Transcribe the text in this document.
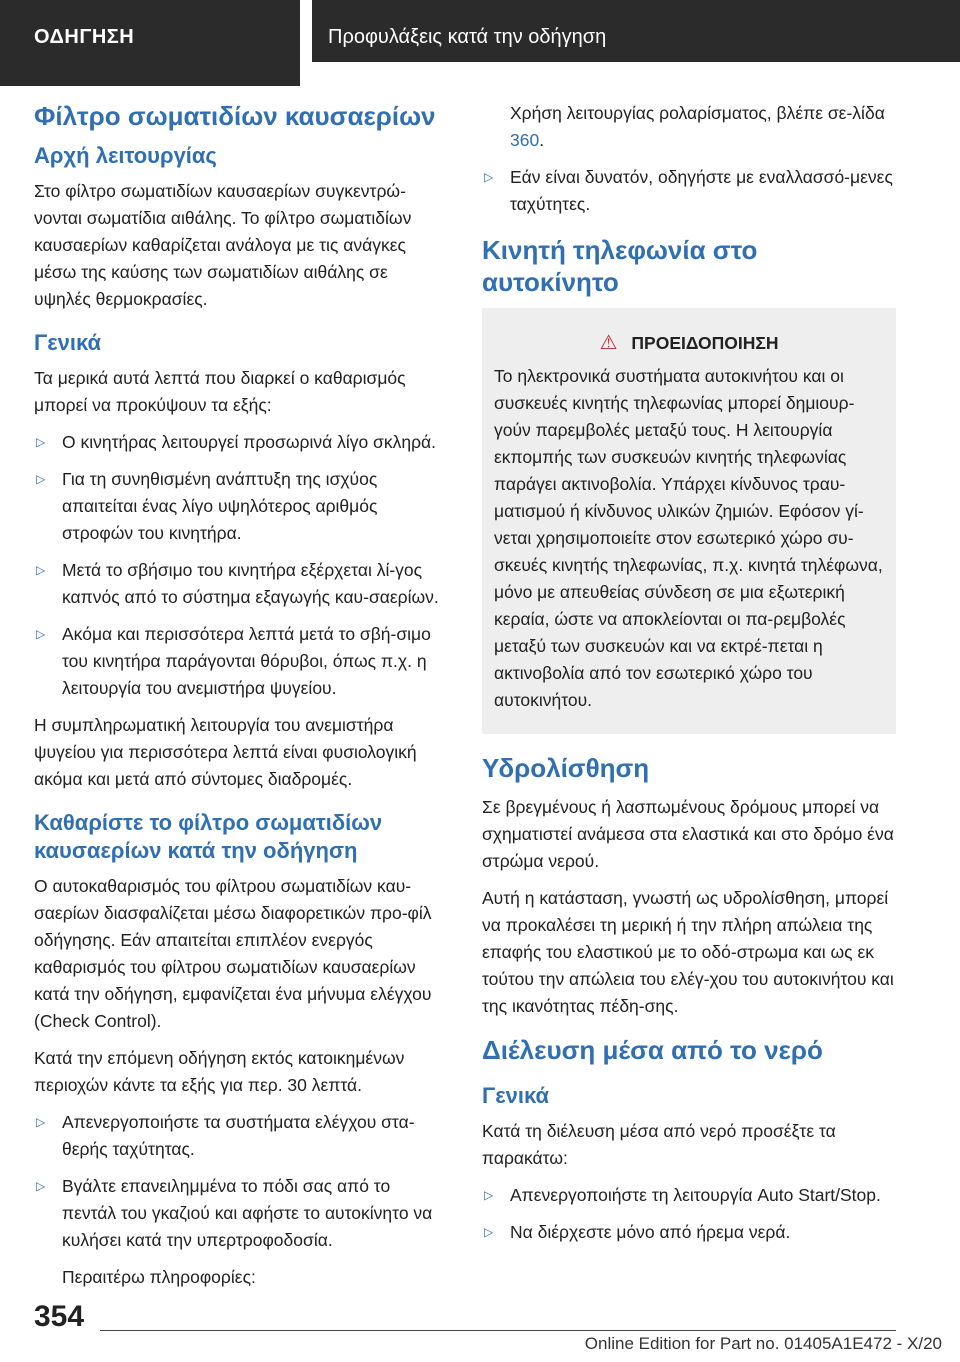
ΟΔΗΓΗΣΗ	Προφυλάξεις κατά την οδήγηση
Φίλτρο σωματιδίων καυσαερίων
Αρχή λειτουργίας

Στο φίλτρο σωματιδίων καυσαερίων συγκεντρώ-νονται σωματίδια αιθάλης. Το φίλτρο σωματιδίων καυσαερίων καθαρίζεται ανάλογα με τις ανάγκες μέσω της καύσης των σωματιδίων αιθάλης σε υψηλές θερμοκρασίες.

Γενικά

Τα μερικά αυτά λεπτά που διαρκεί ο καθαρισμός μπορεί να προκύψουν τα εξής:

▷ Ο κινητήρας λειτουργεί προσωρινά λίγο σκληρά.
▷ Για τη συνηθισμένη ανάπτυξη της ισχύος απαιτείται ένας λίγο υψηλότερος αριθμός στροφών του κινητήρα.
▷ Μετά το σβήσιμο του κινητήρα εξέρχεται λί-γος καπνός από το σύστημα εξαγωγής καυ-σαερίων.
▷ Ακόμα και περισσότερα λεπτά μετά το σβή-σιμο του κινητήρα παράγονται θόρυβοι, όπως π.χ. η λειτουργία του ανεμιστήρα ψυγείου.

Η συμπληρωματική λειτουργία του ανεμιστήρα ψυγείου για περισσότερα λεπτά είναι φυσιολογική ακόμα και μετά από σύντομες διαδρομές.

Καθαρίστε το φίλτρο σωματιδίων καυσαερίων κατά την οδήγηση

Ο αυτοκαθαρισμός του φίλτρου σωματιδίων καυ-σαερίων διασφαλίζεται μέσω διαφορετικών προ-φίλ οδήγησης. Εάν απαιτείται επιπλέον ενεργός καθαρισμός του φίλτρου σωματιδίων καυσαερίων κατά την οδήγηση, εμφανίζεται ένα μήνυμα ελέγχου (Check Control).

Κατά την επόμενη οδήγηση εκτός κατοικημένων περιοχών κάντε τα εξής για περ. 30 λεπτά.

▷ Απενεργοποιήστε τα συστήματα ελέγχου στα-θερής ταχύτητας.
▷ Βγάλτε επανειλημμένα το πόδι σας από το πεντάλ του γκαζιού και αφήστε το αυτοκίνητο να κυλήσει κατά την υπερτροφοδοσία.

Περαιτέρω πληροφορίες:

Χρήση λειτουργίας ρολαρίσματος, βλέπε σε-λίδα 360.

▷ Εάν είναι δυνατόν, οδηγήστε με εναλλασσό-μενες ταχύτητες.
Κινητή τηλεφωνία στο αυτοκίνητο
⚠ ΠΡΟΕΙΔΟΠΟΙΗΣΗ

Το ηλεκτρονικά συστήματα αυτοκινήτου και οι συσκευές κινητής τηλεφωνίας μπορεί δημιουρ-γούν παρεμβολές μεταξύ τους. Η λειτουργία εκπομπής των συσκευών κινητής τηλεφωνίας παράγει ακτινοβολία. Υπάρχει κίνδυνος τραυ-ματισμού ή κίνδυνος υλικών ζημιών. Εφόσον γί-νεται χρησιμοποιείτε στον εσωτερικό χώρο συ-σκευές κινητής τηλεφωνίας, π.χ. κινητά τηλέφωνα, μόνο με απευθείας σύνδεση σε μια εξωτερική κεραία, ώστε να αποκλείονται οι πα-ρεμβολές μεταξύ των συσκευών και να εκτρέ-πεται η ακτινοβολία από τον εσωτερικό χώρο του αυτοκινήτου.

Υδρολίσθηση

Σε βρεγμένους ή λασπωμένους δρόμους μπορεί να σχηματιστεί ανάμεσα στα ελαστικά και στο δρόμο ένα στρώμα νερού.

Αυτή η κατάσταση, γνωστή ως υδρολίσθηση, μπορεί να προκαλέσει τη μερική ή την πλήρη απώλεια της επαφής του ελαστικού με το οδό-στρωμα και ως εκ τούτου την απώλεια του ελέγ-χου του αυτοκινήτου και της ικανότητας πέδη-σης.

Διέλευση μέσα από το νερό
Γενικά

Κατά τη διέλευση μέσα από νερό προσέξτε τα παρακάτω:

▷ Απενεργοποιήστε τη λειτουργία Auto Start/Stop.
▷ Να διέρχεστε μόνο από ήρεμα νερά.
354
Online Edition for Part no. 01405A1E472 - X/20
